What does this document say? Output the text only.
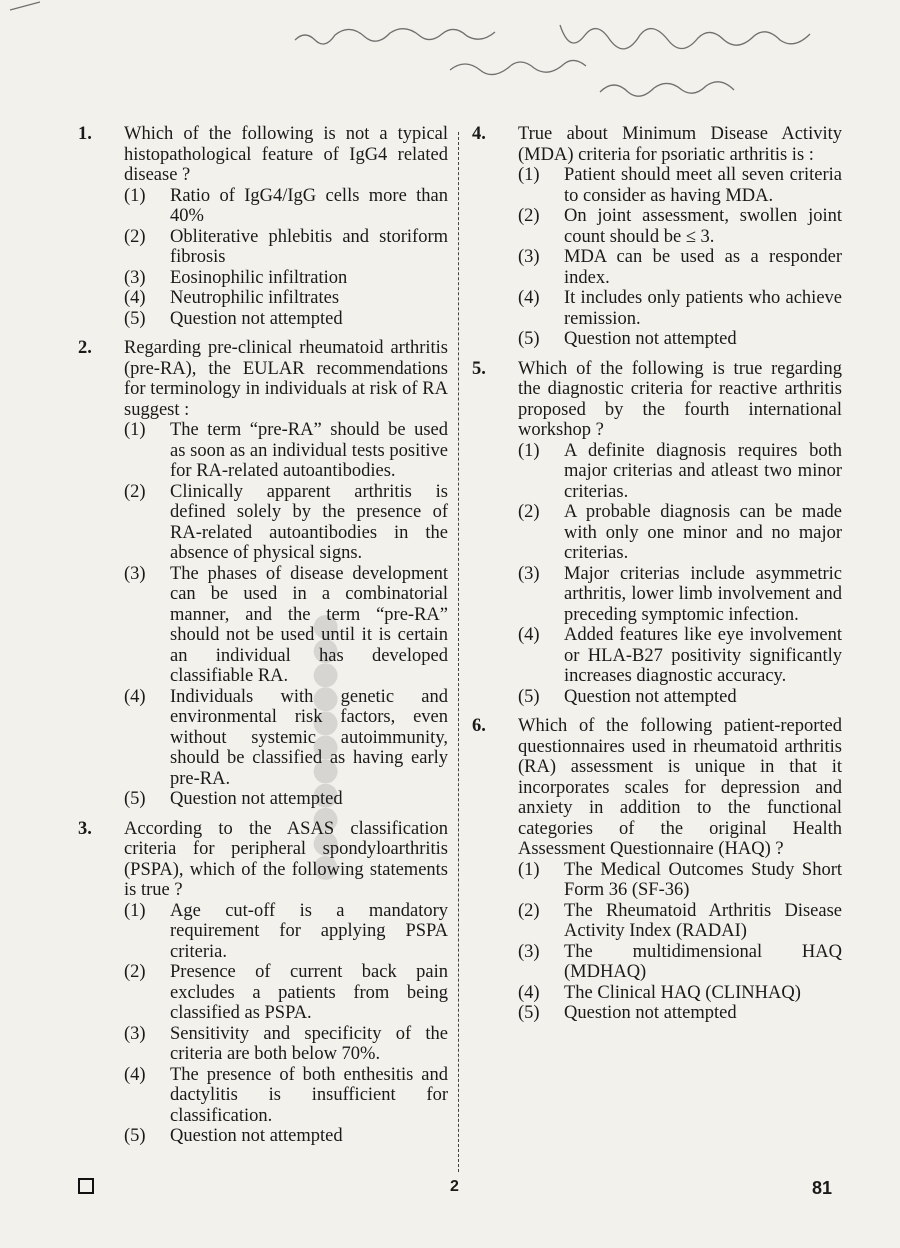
●●●●●●●●●●●
1.	Which of the following is not a typical histopathological feature of IgG4 related disease ?
(1)	Ratio of IgG4/IgG cells more than 40%
(2)	Obliterative phlebitis and storiform fibrosis
(3)	Eosinophilic infiltration
(4)	Neutrophilic infiltrates
(5)	Question not attempted
2.	Regarding pre-clinical rheumatoid arthritis (pre-RA), the EULAR recommendations for terminology in individuals at risk of RA suggest :
(1)	The term “pre-RA” should be used as soon as an individual tests positive for RA-related autoantibodies.
(2)	Clinically apparent arthritis is defined solely by the presence of RA-related autoantibodies in the absence of physical signs.
(3)	The phases of disease development can be used in a combinatorial manner, and the term “pre-RA” should not be used until it is certain an individual has developed classifiable RA.
(4)	Individuals with genetic and environmental risk factors, even without systemic autoimmunity, should be classified as having early pre-RA.
(5)	Question not attempted
3.	According to the ASAS classification criteria for peripheral spondyloarthritis (PSPA), which of the following statements is true ?
(1)	Age cut-off is a mandatory requirement for applying PSPA criteria.
(2)	Presence of current back pain excludes a patients from being classified as PSPA.
(3)	Sensitivity and specificity of the criteria are both below 70%.
(4)	The presence of both enthesitis and dactylitis is insufficient for classification.
(5)	Question not attempted
4.	True about Minimum Disease Activity (MDA) criteria for psoriatic arthritis is :
(1)	Patient should meet all seven criteria to consider as having MDA.
(2)	On joint assessment, swollen joint count should be ≤ 3.
(3)	MDA can be used as a responder index.
(4)	It includes only patients who achieve remission.
(5)	Question not attempted
5.	Which of the following is true regarding the diagnostic criteria for reactive arthritis proposed by the fourth international workshop ?
(1)	A definite diagnosis requires both major criterias and atleast two minor criterias.
(2)	A probable diagnosis can be made with only one minor and no major criterias.
(3)	Major criterias include asymmetric arthritis, lower limb involvement and preceding symptomic infection.
(4)	Added features like eye involvement or HLA-B27 positivity significantly increases diagnostic accuracy.
(5)	Question not attempted
6.	Which of the following patient-reported questionnaires used in rheumatoid arthritis (RA) assessment is unique in that it incorporates scales for depression and anxiety in addition to the functional categories of the original Health Assessment Questionnaire (HAQ) ?
(1)	The Medical Outcomes Study Short Form 36 (SF-36)
(2)	The Rheumatoid Arthritis Disease Activity Index (RADAI)
(3)	The multidimensional HAQ (MDHAQ)
(4)	The Clinical HAQ (CLINHAQ)
(5)	Question not attempted
2	81
